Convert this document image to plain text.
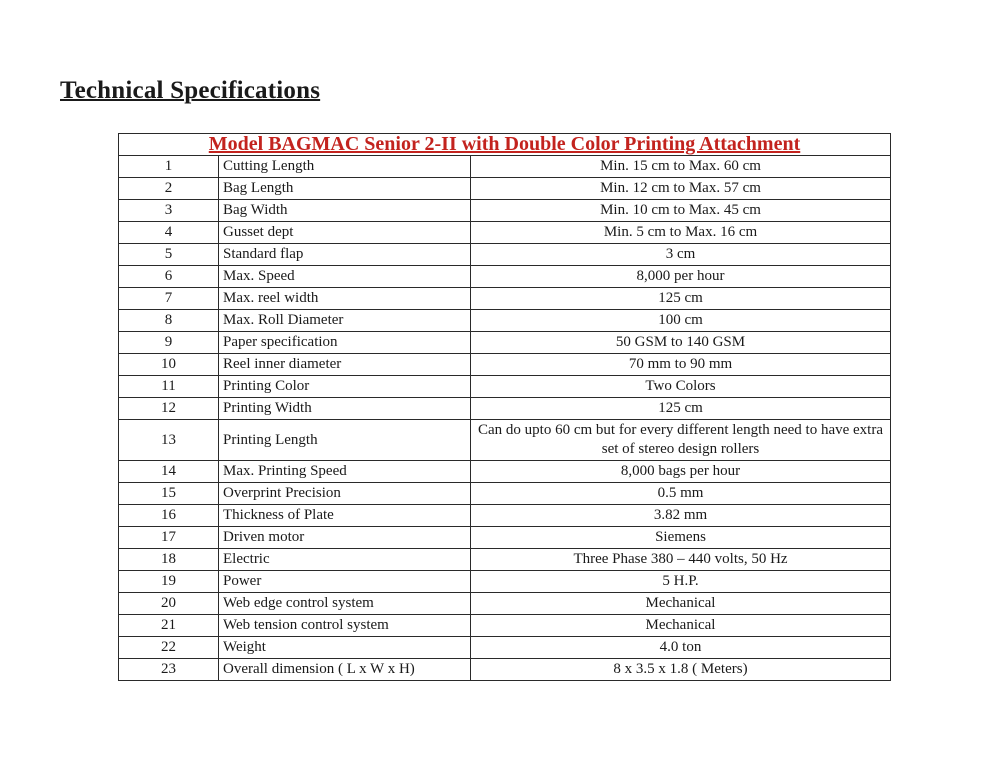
Technical Specifications
Model BAGMAC Senior 2-II with Double Color Printing Attachment		
1	Cutting Length	Min. 15 cm to Max. 60 cm
2	Bag Length	Min. 12 cm to Max. 57 cm
3	Bag Width	Min. 10 cm to Max. 45 cm
4	Gusset dept	Min. 5 cm to Max. 16 cm
5	Standard flap	3 cm
6	Max. Speed	8,000 per hour
7	Max. reel width	125 cm
8	Max. Roll Diameter	100 cm
9	Paper specification	50 GSM to 140 GSM
10	Reel inner diameter	70 mm to 90 mm
11	Printing Color	Two Colors
12	Printing Width	125 cm
13	Printing Length	Can do upto 60 cm but for every different length need to have extra set of stereo design rollers
14	Max. Printing Speed	8,000 bags per hour
15	Overprint Precision	0.5 mm
16	Thickness of Plate	3.82 mm
17	Driven motor	Siemens
18	Electric	Three Phase 380 – 440 volts, 50 Hz
19	Power	5 H.P.
20	Web edge control system	Mechanical
21	Web tension control system	Mechanical
22	Weight	4.0 ton
23	Overall dimension ( L x W x H)	8 x 3.5 x 1.8 ( Meters)
